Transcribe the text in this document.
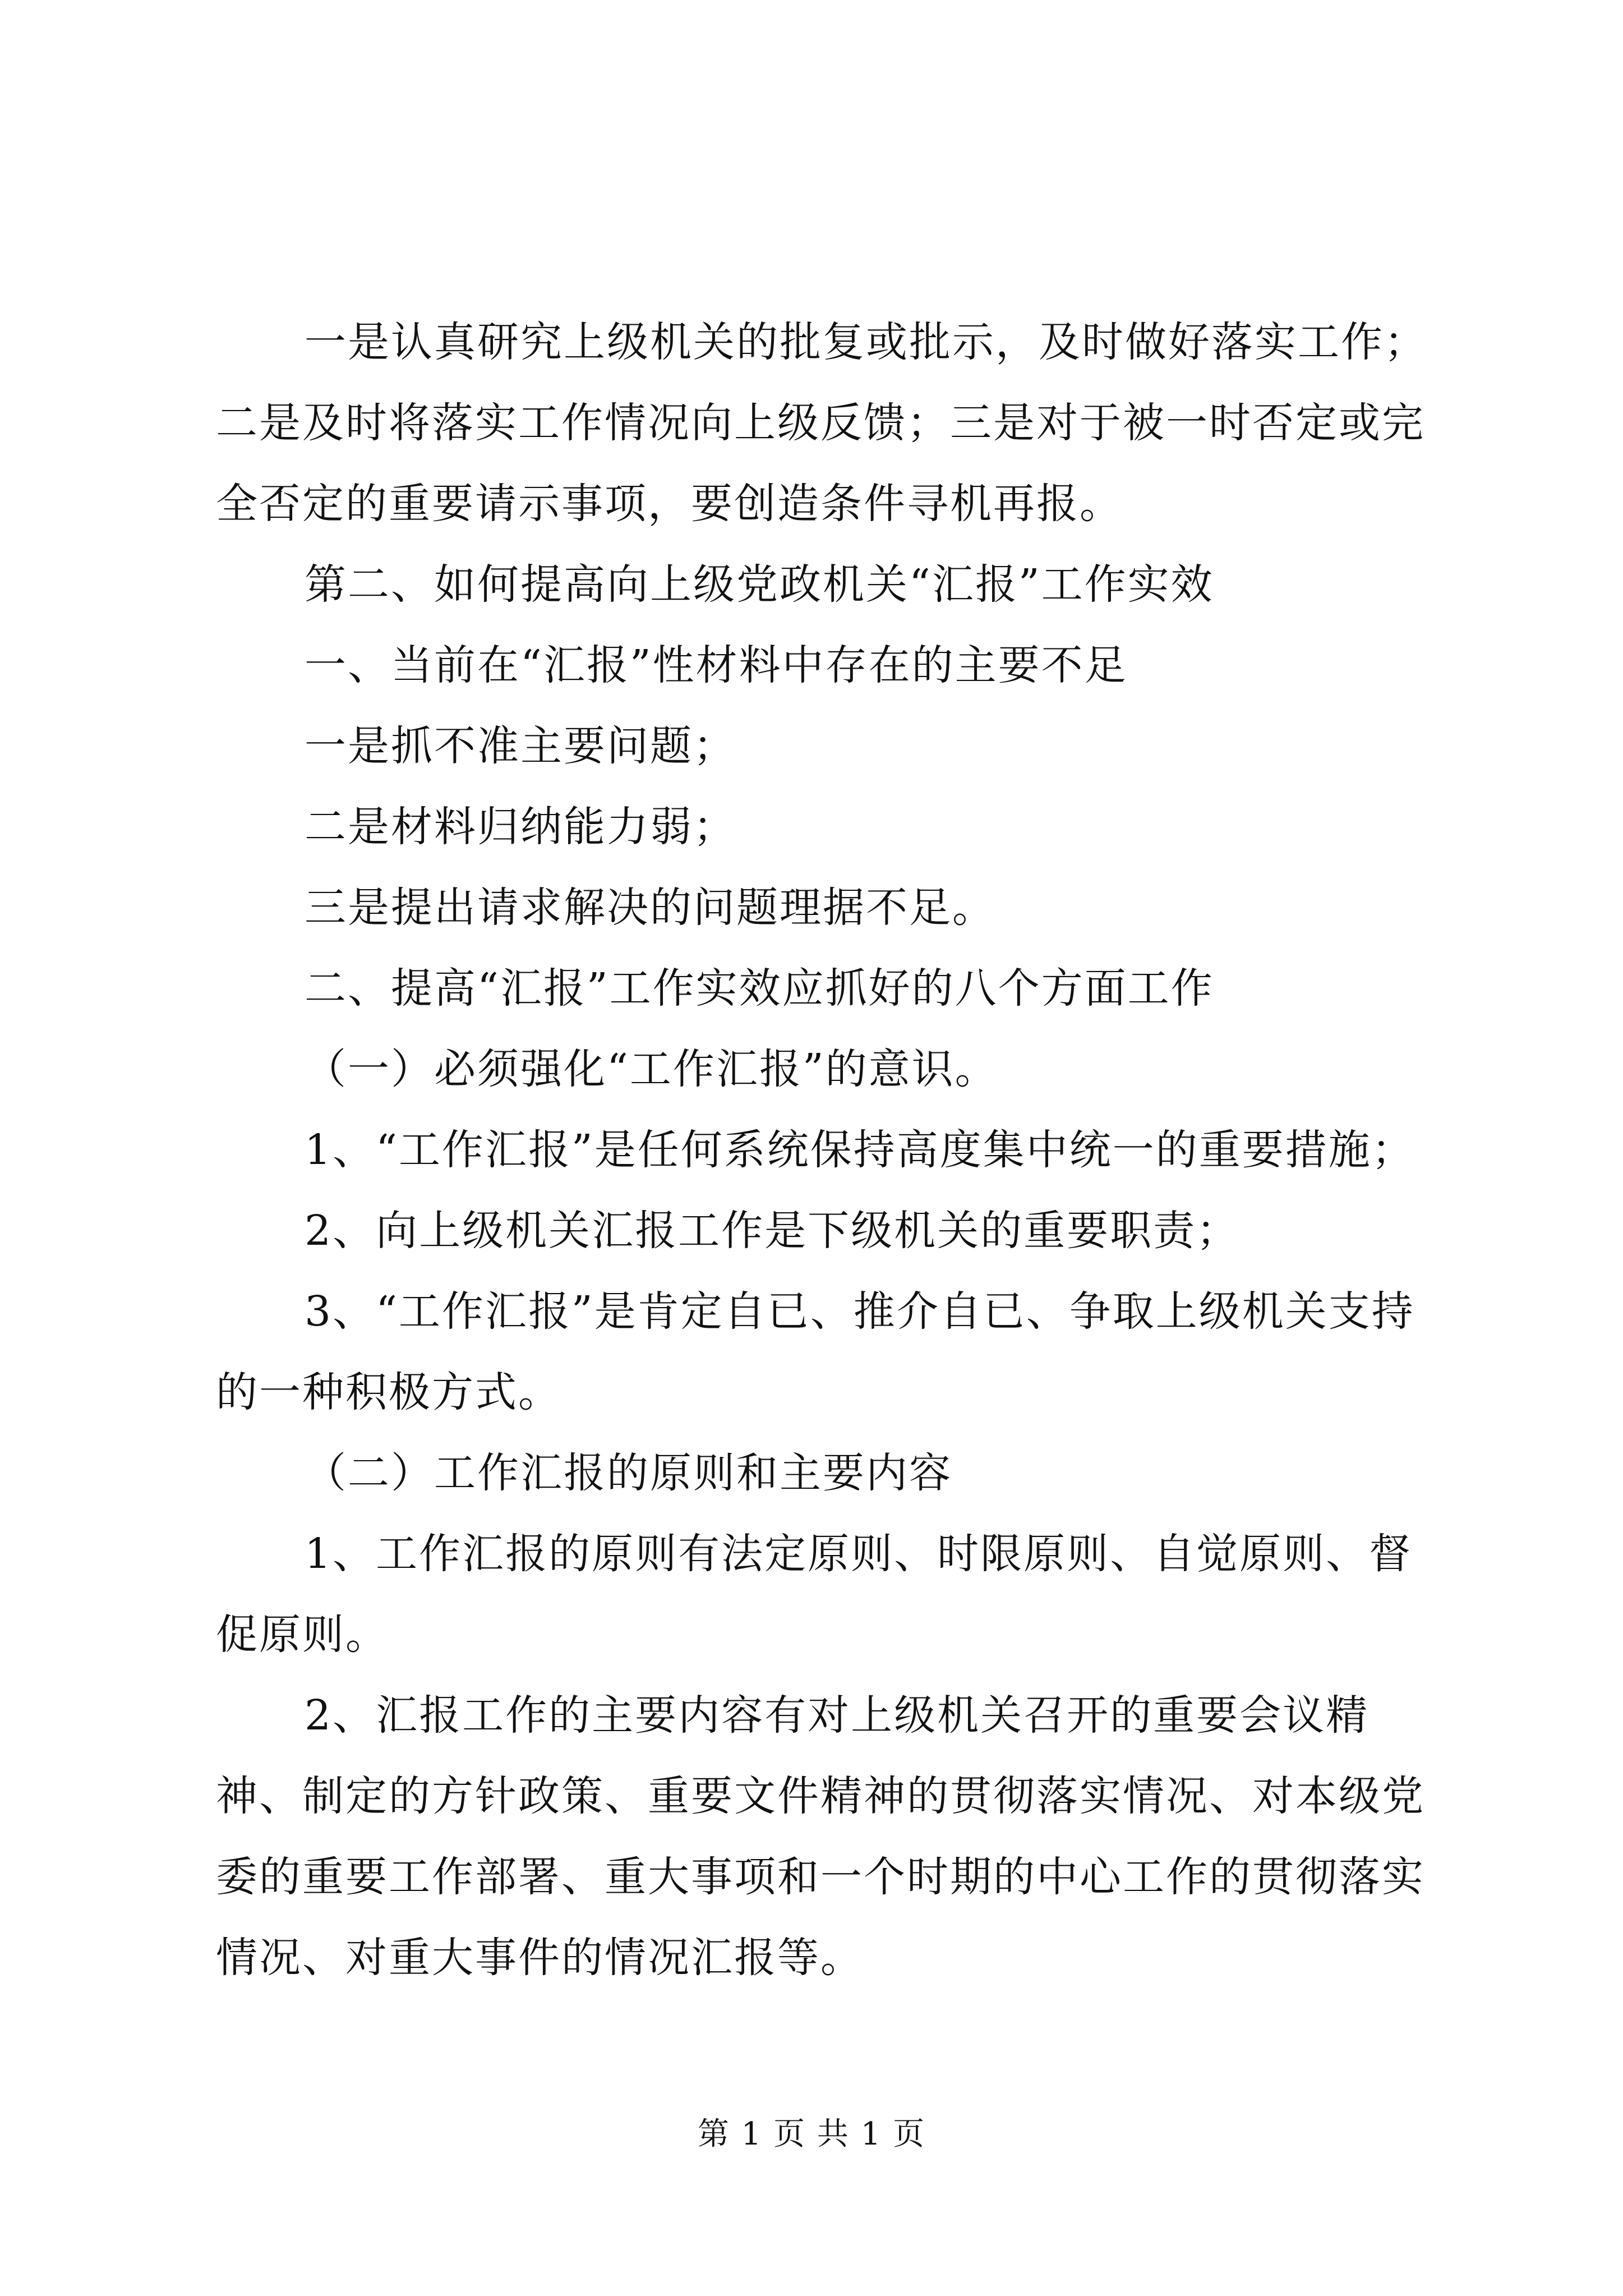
一是认真研究上级机关的批复或批示，及时做好落实工作；二是及时将落实工作情况向上级反馈；三是对于被一时否定或完全否定的重要请示事项，要创造条件寻机再报。

第二、如何提高向上级党政机关“汇报”工作实效

一、当前在“汇报”性材料中存在的主要不足

一是抓不准主要问题；

二是材料归纳能力弱；

三是提出请求解决的问题理据不足。

二、提高“汇报”工作实效应抓好的八个方面工作

（一）必须强化“工作汇报”的意识。

1、“工作汇报”是任何系统保持高度集中统一的重要措施；

2、向上级机关汇报工作是下级机关的重要职责；

3、“工作汇报”是肯定自已、推介自已、争取上级机关支持的一种积极方式。

（二）工作汇报的原则和主要内容

1、工作汇报的原则有法定原则、时限原则、自觉原则、督促原则。

2、汇报工作的主要内容有对上级机关召开的重要会议精神、制定的方针政策、重要文件精神的贯彻落实情况、对本级党委的重要工作部署、重大事项和一个时期的中心工作的贯彻落实情况、对重大事件的情况汇报等。

第 1 页 共 1 页
